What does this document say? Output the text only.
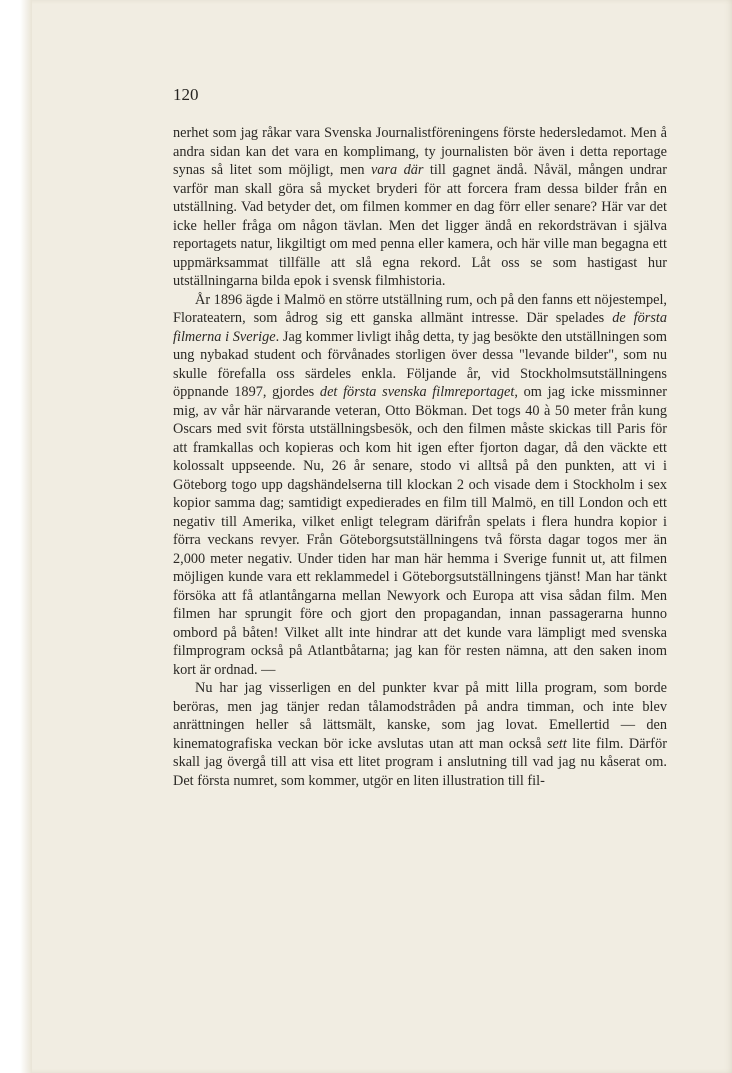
120

nerhet som jag råkar vara Svenska Journalistföreningens förste hedersledamot. Men å andra sidan kan det vara en komplimang, ty journalisten bör även i detta reportage synas så litet som möjligt, men vara där till gagnet ändå. Nåväl, mången undrar varför man skall göra så mycket bryderi för att forcera fram dessa bilder från en utställning. Vad betyder det, om filmen kommer en dag förr eller senare? Här var det icke heller fråga om någon tävlan. Men det ligger ändå en rekordsträvan i själva reportagets natur, likgiltigt om med penna eller kamera, och här ville man begagna ett uppmärksammat tillfälle att slå egna rekord. Låt oss se som hastigast hur utställningarna bilda epok i svensk filmhistoria.

År 1896 ägde i Malmö en större utställning rum, och på den fanns ett nöjestempel, Florateatern, som ådrog sig ett ganska allmänt intresse. Där spelades de första filmerna i Sverige. Jag kommer livligt ihåg detta, ty jag besökte den utställningen som ung nybakad student och förvånades storligen över dessa "levande bilder", som nu skulle förefalla oss särdeles enkla. Följande år, vid Stockholmsutställningens öppnande 1897, gjordes det första svenska filmreportaget, om jag icke missminner mig, av vår här närvarande veteran, Otto Bökman. Det togs 40 à 50 meter från kung Oscars med svit första utställningsbesök, och den filmen måste skickas till Paris för att framkallas och kopieras och kom hit igen efter fjorton dagar, då den väckte ett kolossalt uppseende. Nu, 26 år senare, stodo vi alltså på den punkten, att vi i Göteborg togo upp dagshändelserna till klockan 2 och visade dem i Stockholm i sex kopior samma dag; samtidigt expedierades en film till Malmö, en till London och ett negativ till Amerika, vilket enligt telegram därifrån spelats i flera hundra kopior i förra veckans revyer. Från Göteborgsutställningens två första dagar togos mer än 2,000 meter negativ. Under tiden har man här hemma i Sverige funnit ut, att filmen möjligen kunde vara ett reklammedel i Göteborgsutställningens tjänst! Man har tänkt försöka att få atlantångarna mellan Newyork och Europa att visa sådan film. Men filmen har sprungit före och gjort den propagandan, innan passagerarna hunno ombord på båten! Vilket allt inte hindrar att det kunde vara lämpligt med svenska filmprogram också på Atlantbåtarna; jag kan för resten nämna, att den saken inom kort är ordnad. —

Nu har jag visserligen en del punkter kvar på mitt lilla program, som borde beröras, men jag tänjer redan tålamodstråden på andra timman, och inte blev anrättningen heller så lättsmält, kanske, som jag lovat. Emellertid — den kinematografiska veckan bör icke avslutas utan att man också sett lite film. Därför skall jag övergå till att visa ett litet program i anslutning till vad jag nu kåserat om. Det första numret, som kommer, utgör en liten illustration till fil-
